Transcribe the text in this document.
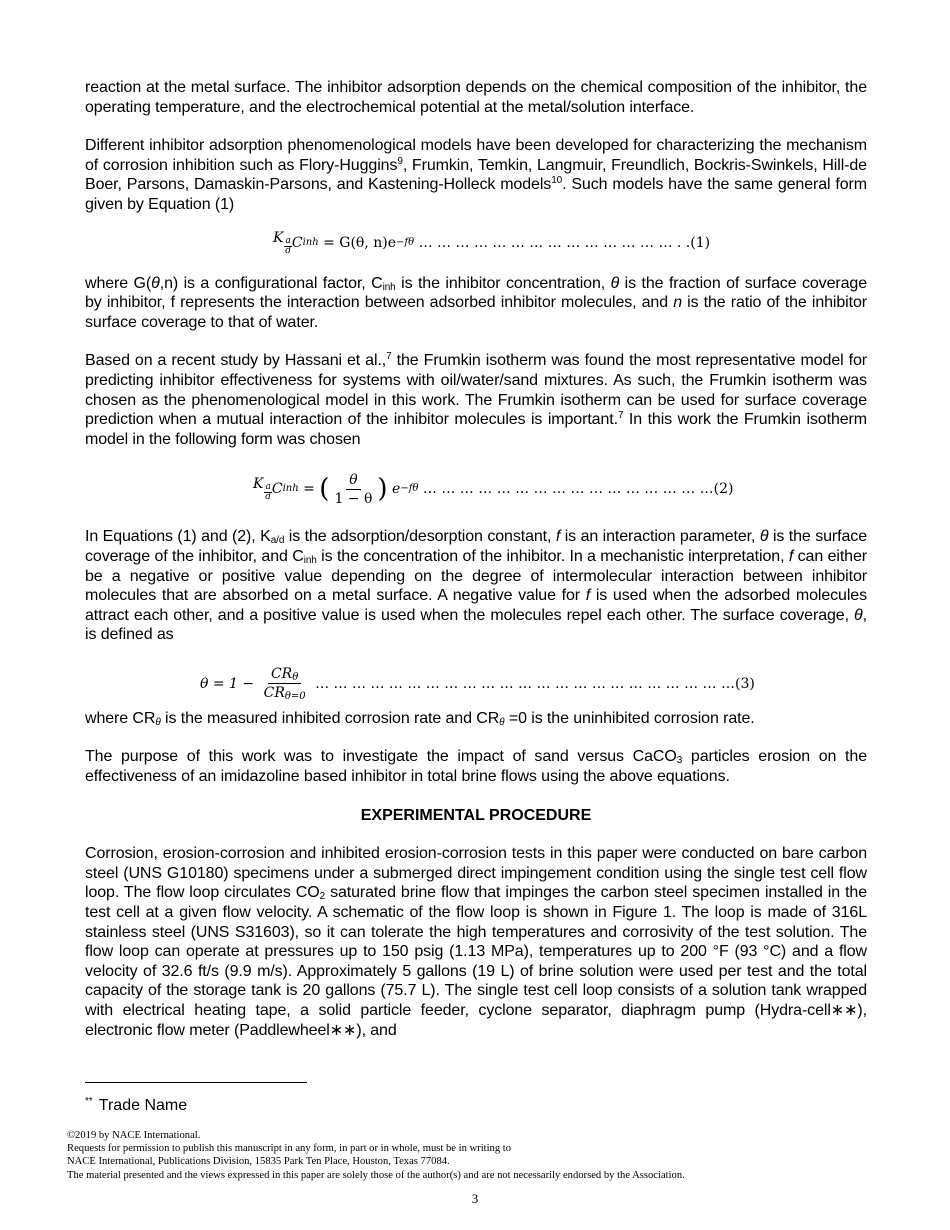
reaction at the metal surface. The inhibitor adsorption depends on the chemical composition of the inhibitor, the operating temperature, and the electrochemical potential at the metal/solution interface.

Different inhibitor adsorption phenomenological models have been developed for characterizing the mechanism of corrosion inhibition such as Flory-Huggins$^9$, Frumkin, Temkin, Langmuir, Freundlich, Bockris-Swinkels, Hill-de Boer, Parsons, Damaskin-Parsons, and Kastening-Holleck models$^{10}$. Such models have the same general form given by Equation (1)

K a
d C inh
= G(θ, n)e −fθ
… … … … … … … … … … … … … … . . (1)

where G(θ,n) is a configurational factor, $C_{inh}$ is the inhibitor concentration, θ is the fraction of surface coverage by inhibitor, f represents the interaction between adsorbed inhibitor molecules, and n is the ratio of the inhibitor surface coverage to that of water.

Based on a recent study by Hassani et al.,$^7$ the Frumkin isotherm was found the most representative model for predicting inhibitor effectiveness for systems with oil/water/sand mixtures. As such, the Frumkin isotherm was chosen as the phenomenological model in this work. The Frumkin isotherm can be used for surface coverage prediction when a mutual interaction of the inhibitor molecules is important.$^7$ In this work the Frumkin isotherm model in the following form was chosen

K a
d C inh
=
( $\frac{\theta}{1 - \theta}$ )
e −fθ
… … … … … … … … … … … … … … … … (2)

In Equations (1) and (2), $K_{a/d}$ is the adsorption/desorption constant, f is an interaction parameter, θ is the surface coverage of the inhibitor, and $C_{inh}$ is the concentration of the inhibitor. In a mechanistic interpretation, f can either be a negative or positive value depending on the degree of intermolecular interaction between inhibitor molecules that are absorbed on a metal surface. A negative value for f is used when the adsorbed molecules attract each other, and a positive value is used when the molecules repel each other. The surface coverage, θ, is defined as

θ = 1 −
$\frac{CR_\theta}{CR_{\theta=0}}$
… … … … … … … … … … … … … … … … … … … … … … … (3)

where $CR_\theta$ is the measured inhibited corrosion rate and $CR_\theta =0$ is the uninhibited corrosion rate.

The purpose of this work was to investigate the impact of sand versus CaCO$_3$ particles erosion on the effectiveness of an imidazoline based inhibitor in total brine flows using the above equations.

EXPERIMENTAL PROCEDURE

Corrosion, erosion-corrosion and inhibited erosion-corrosion tests in this paper were conducted on bare carbon steel (UNS G10180) specimens under a submerged direct impingement condition using the single test cell flow loop. The flow loop circulates $CO_2$ saturated brine flow that impinges the carbon steel specimen installed in the test cell at a given flow velocity. A schematic of the flow loop is shown in Figure 1. The loop is made of 316L stainless steel (UNS S31603), so it can tolerate the high temperatures and corrosivity of the test solution. The flow loop can operate at pressures up to 150 psig (1.13 MPa), temperatures up to 200 °F (93 °C) and a flow velocity of 32.6 ft/s (9.9 m/s). Approximately 5 gallons (19 L) of brine solution were used per test and the total capacity of the storage tank is 20 gallons (75.7 L). The single test cell loop consists of a solution tank wrapped with electrical heating tape, a solid particle feeder, cyclone separator, diaphragm pump (Hydra-cell∗∗), electronic flow meter (Paddlewheel∗∗), and

** Trade Name
©2019 by NACE International.
Requests for permission to publish this manuscript in any form, in part or in whole, must be in writing to
NACE International, Publications Division, 15835 Park Ten Place, Houston, Texas 77084.
The material presented and the views expressed in this paper are solely those of the author(s) and are not necessarily endorsed by the Association.
3
